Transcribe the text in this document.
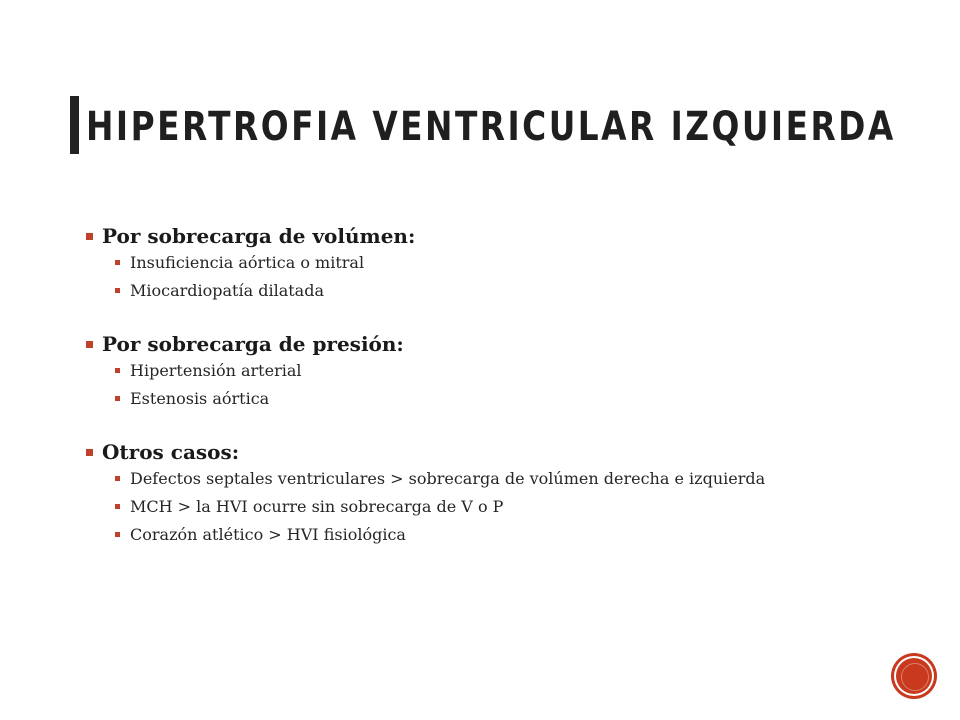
HIPERTROFIA VENTRICULAR IZQUIERDA
Por sobrecarga de volúmen:
Insuficiencia aórtica o mitral
Miocardiopatía dilatada
Por sobrecarga de presión:
Hipertensión arterial
Estenosis aórtica
Otros casos:
Defectos septales ventriculares > sobrecarga de volúmen derecha e izquierda
MCH > la HVI ocurre sin sobrecarga de V o P
Corazón atlético > HVI fisiológica
